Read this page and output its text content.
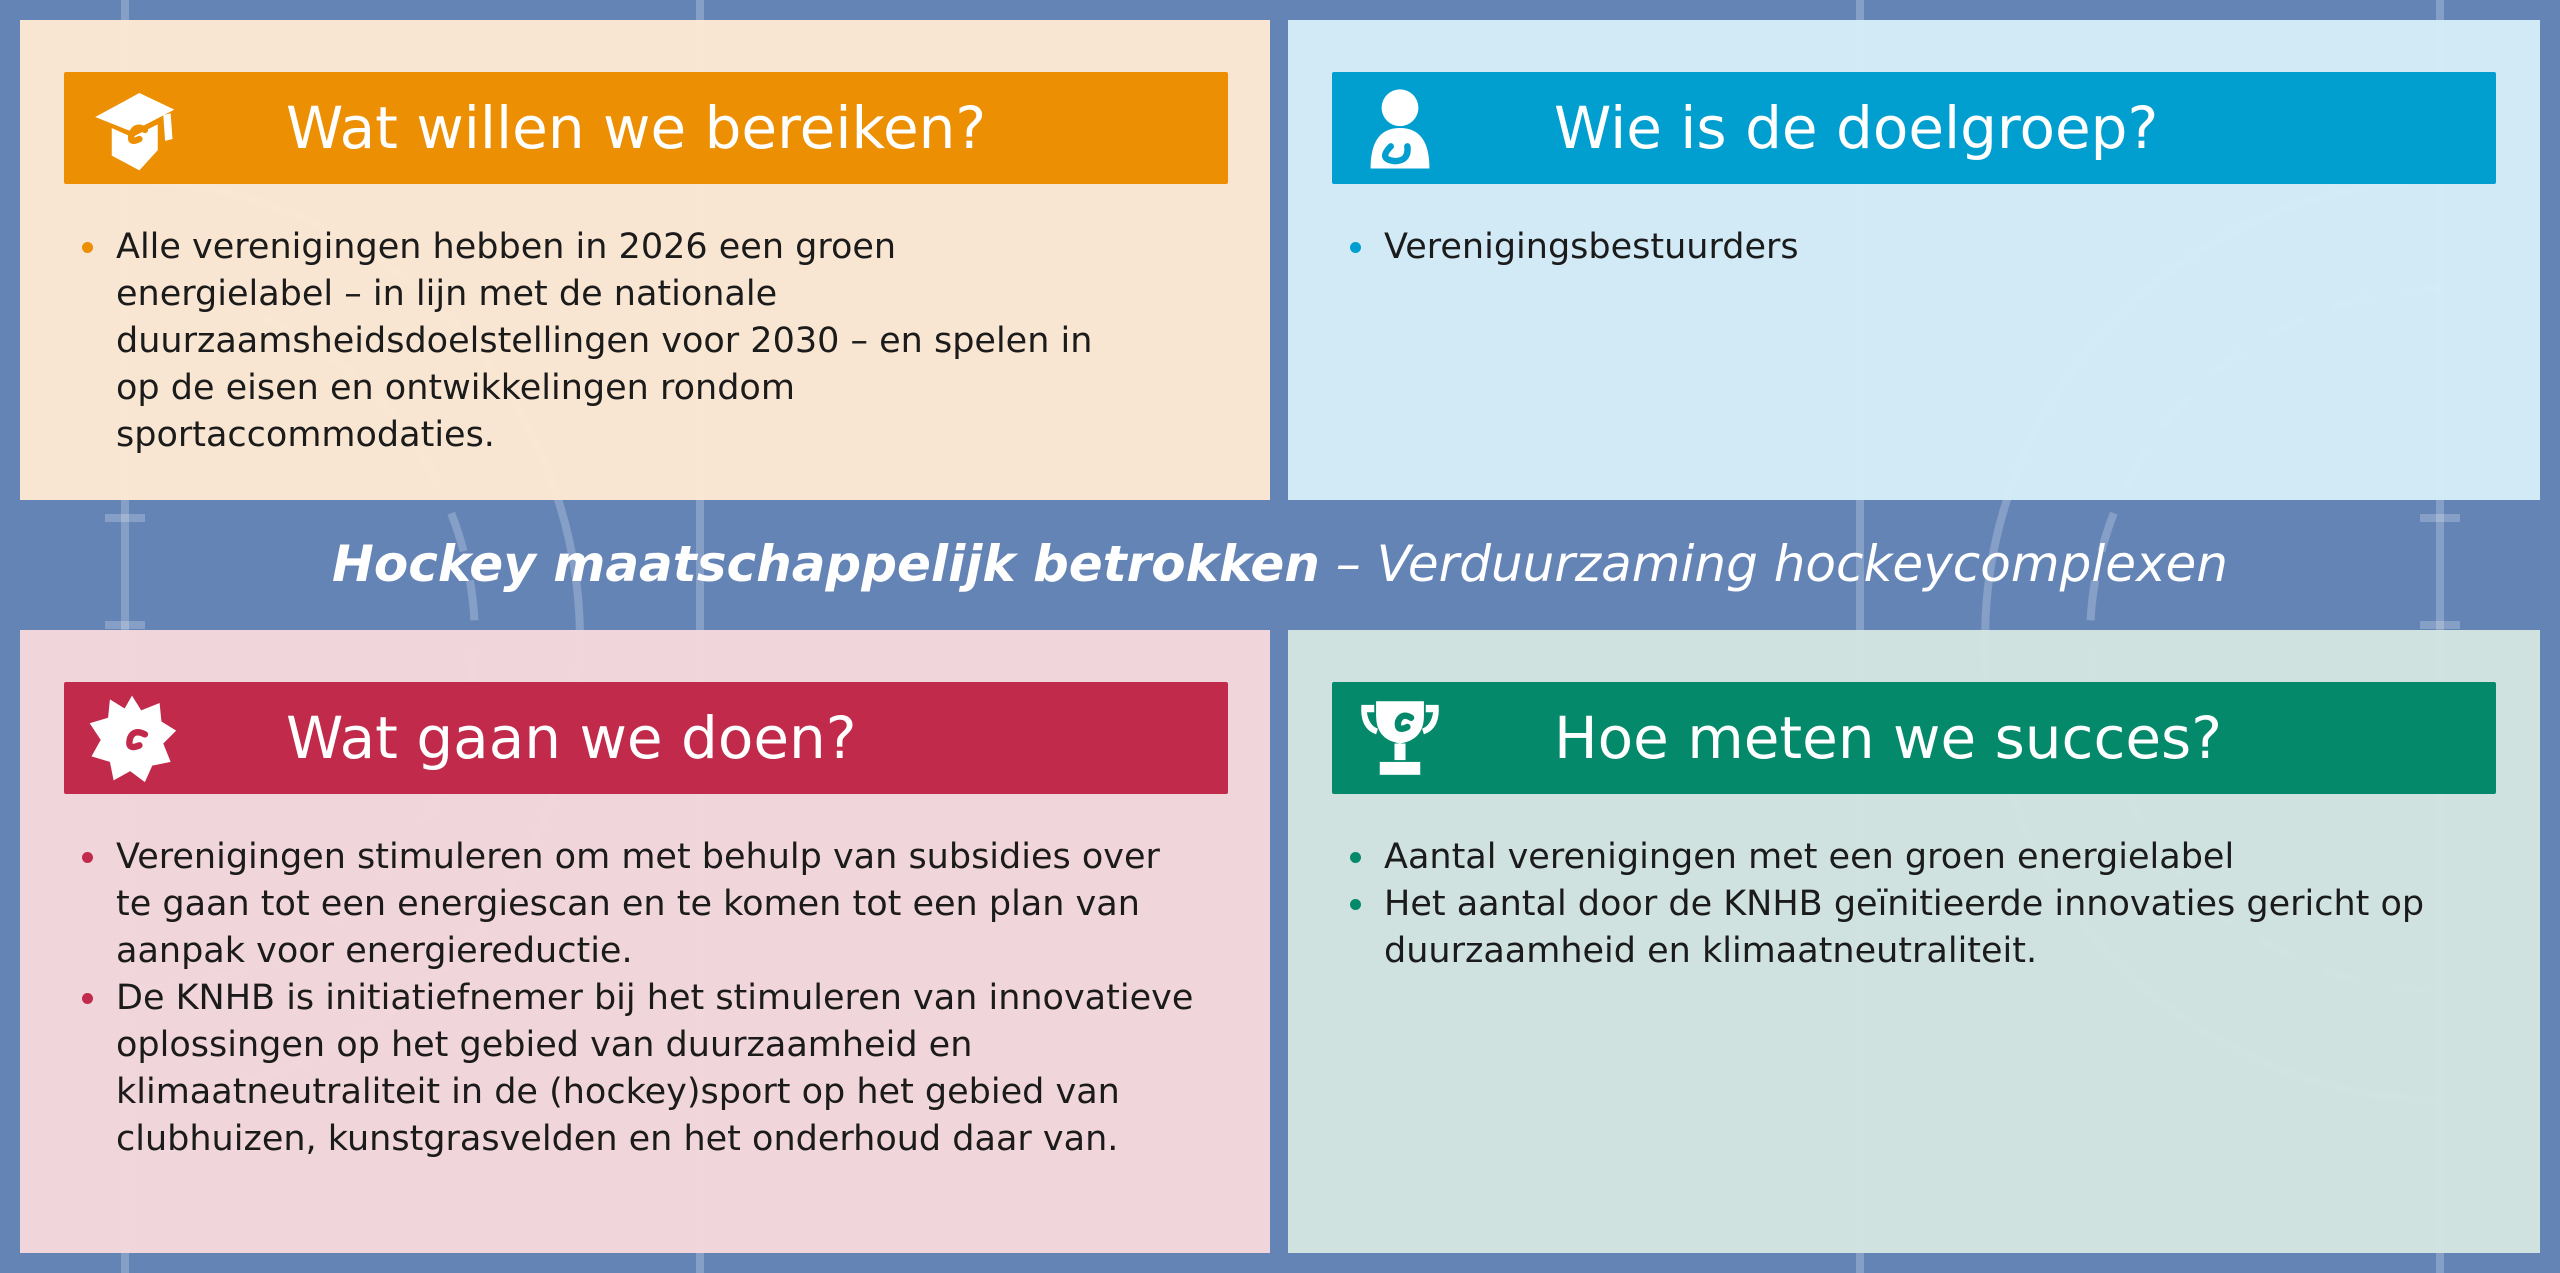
Wat willen we bereiken?
Alle verenigingen hebben in 2026 een groen energielabel – in lijn met de nationale duurzaamsheidsdoelstellingen voor 2030 – en spelen in op de eisen en ontwikkelingen rondom sportaccommodaties.
Wie is de doelgroep?
Verenigingsbestuurders
Hockey maatschappelijk betrokken – Verduurzaming hockeycomplexen
Wat gaan we doen?
Verenigingen stimuleren om met behulp van subsidies over te gaan tot een energiescan en te komen tot een plan van aanpak voor energiereductie.
De KNHB is initiatiefnemer bij het stimuleren van innovatieve oplossingen op het gebied van duurzaamheid en klimaatneutraliteit in de (hockey)sport op het gebied van clubhuizen, kunstgrasvelden en het onderhoud daar van.
Hoe meten we succes?
Aantal verenigingen met een groen energielabel
Het aantal door de KNHB geïnitieerde innovaties gericht op duurzaamheid en klimaatneutraliteit.
